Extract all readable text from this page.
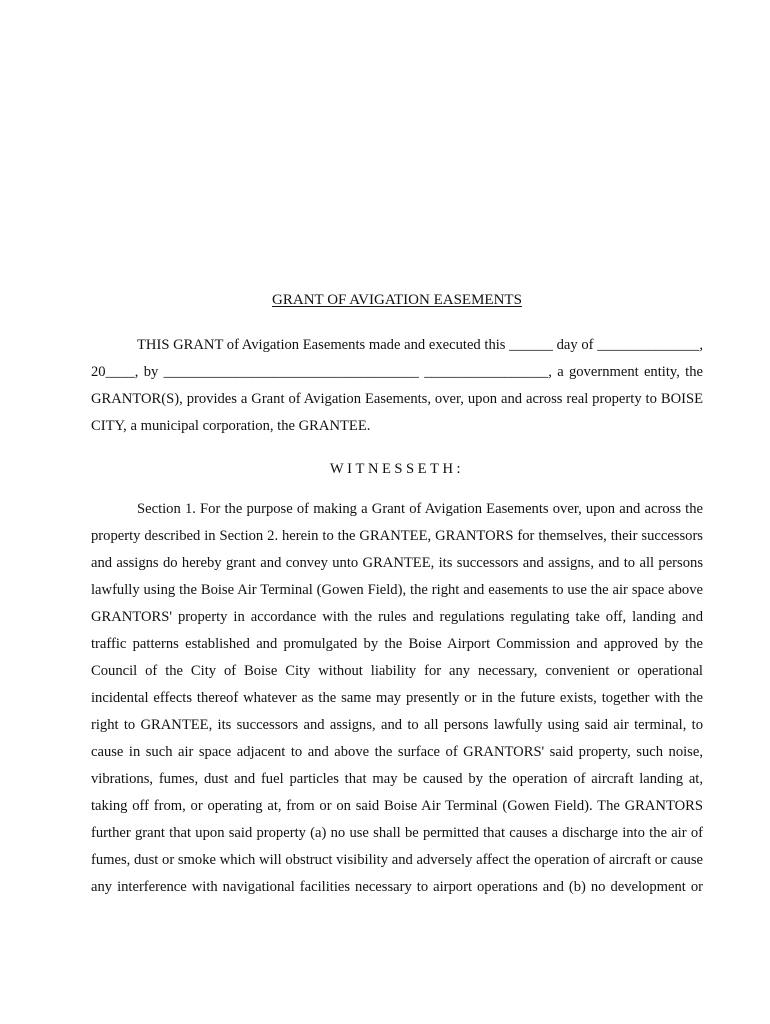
GRANT OF AVIGATION EASEMENTS
THIS GRANT of Avigation Easements made and executed this ______ day of ______________,
20____, by ___________________________________ _________________, a government entity, the
GRANTOR(S), provides a Grant of Avigation Easements, over, upon and across real property to BOISE
CITY, a municipal corporation, the GRANTEE.
WITNESSETH:
Section 1. For the purpose of making a Grant of Avigation Easements over, upon and across the
property described in Section 2. herein to the GRANTEE, GRANTORS for themselves, their successors
and assigns do hereby grant and convey unto GRANTEE, its successors and assigns, and to all persons
lawfully using the Boise Air Terminal (Gowen Field), the right and easements to use the air space above
GRANTORS' property in accordance with the rules and regulations regulating take off, landing and
traffic patterns established and promulgated by the Boise Airport Commission and approved by the
Council of the City of Boise City without liability for any necessary, convenient or operational
incidental effects thereof whatever as the same may presently or in the future exists, together with the
right to GRANTEE, its successors and assigns, and to all persons lawfully using said air terminal, to
cause in such air space adjacent to and above the surface of GRANTORS' said property, such noise,
vibrations, fumes, dust and fuel particles that may be caused by the operation of aircraft landing at,
taking off from, or operating at, from or on said Boise Air Terminal (Gowen Field). The GRANTORS
further grant that upon said property (a) no use shall be permitted that causes a discharge into the air of
fumes, dust or smoke which will obstruct visibility and adversely affect the operation of aircraft or cause
any interference with navigational facilities necessary to airport operations and (b) no development or
